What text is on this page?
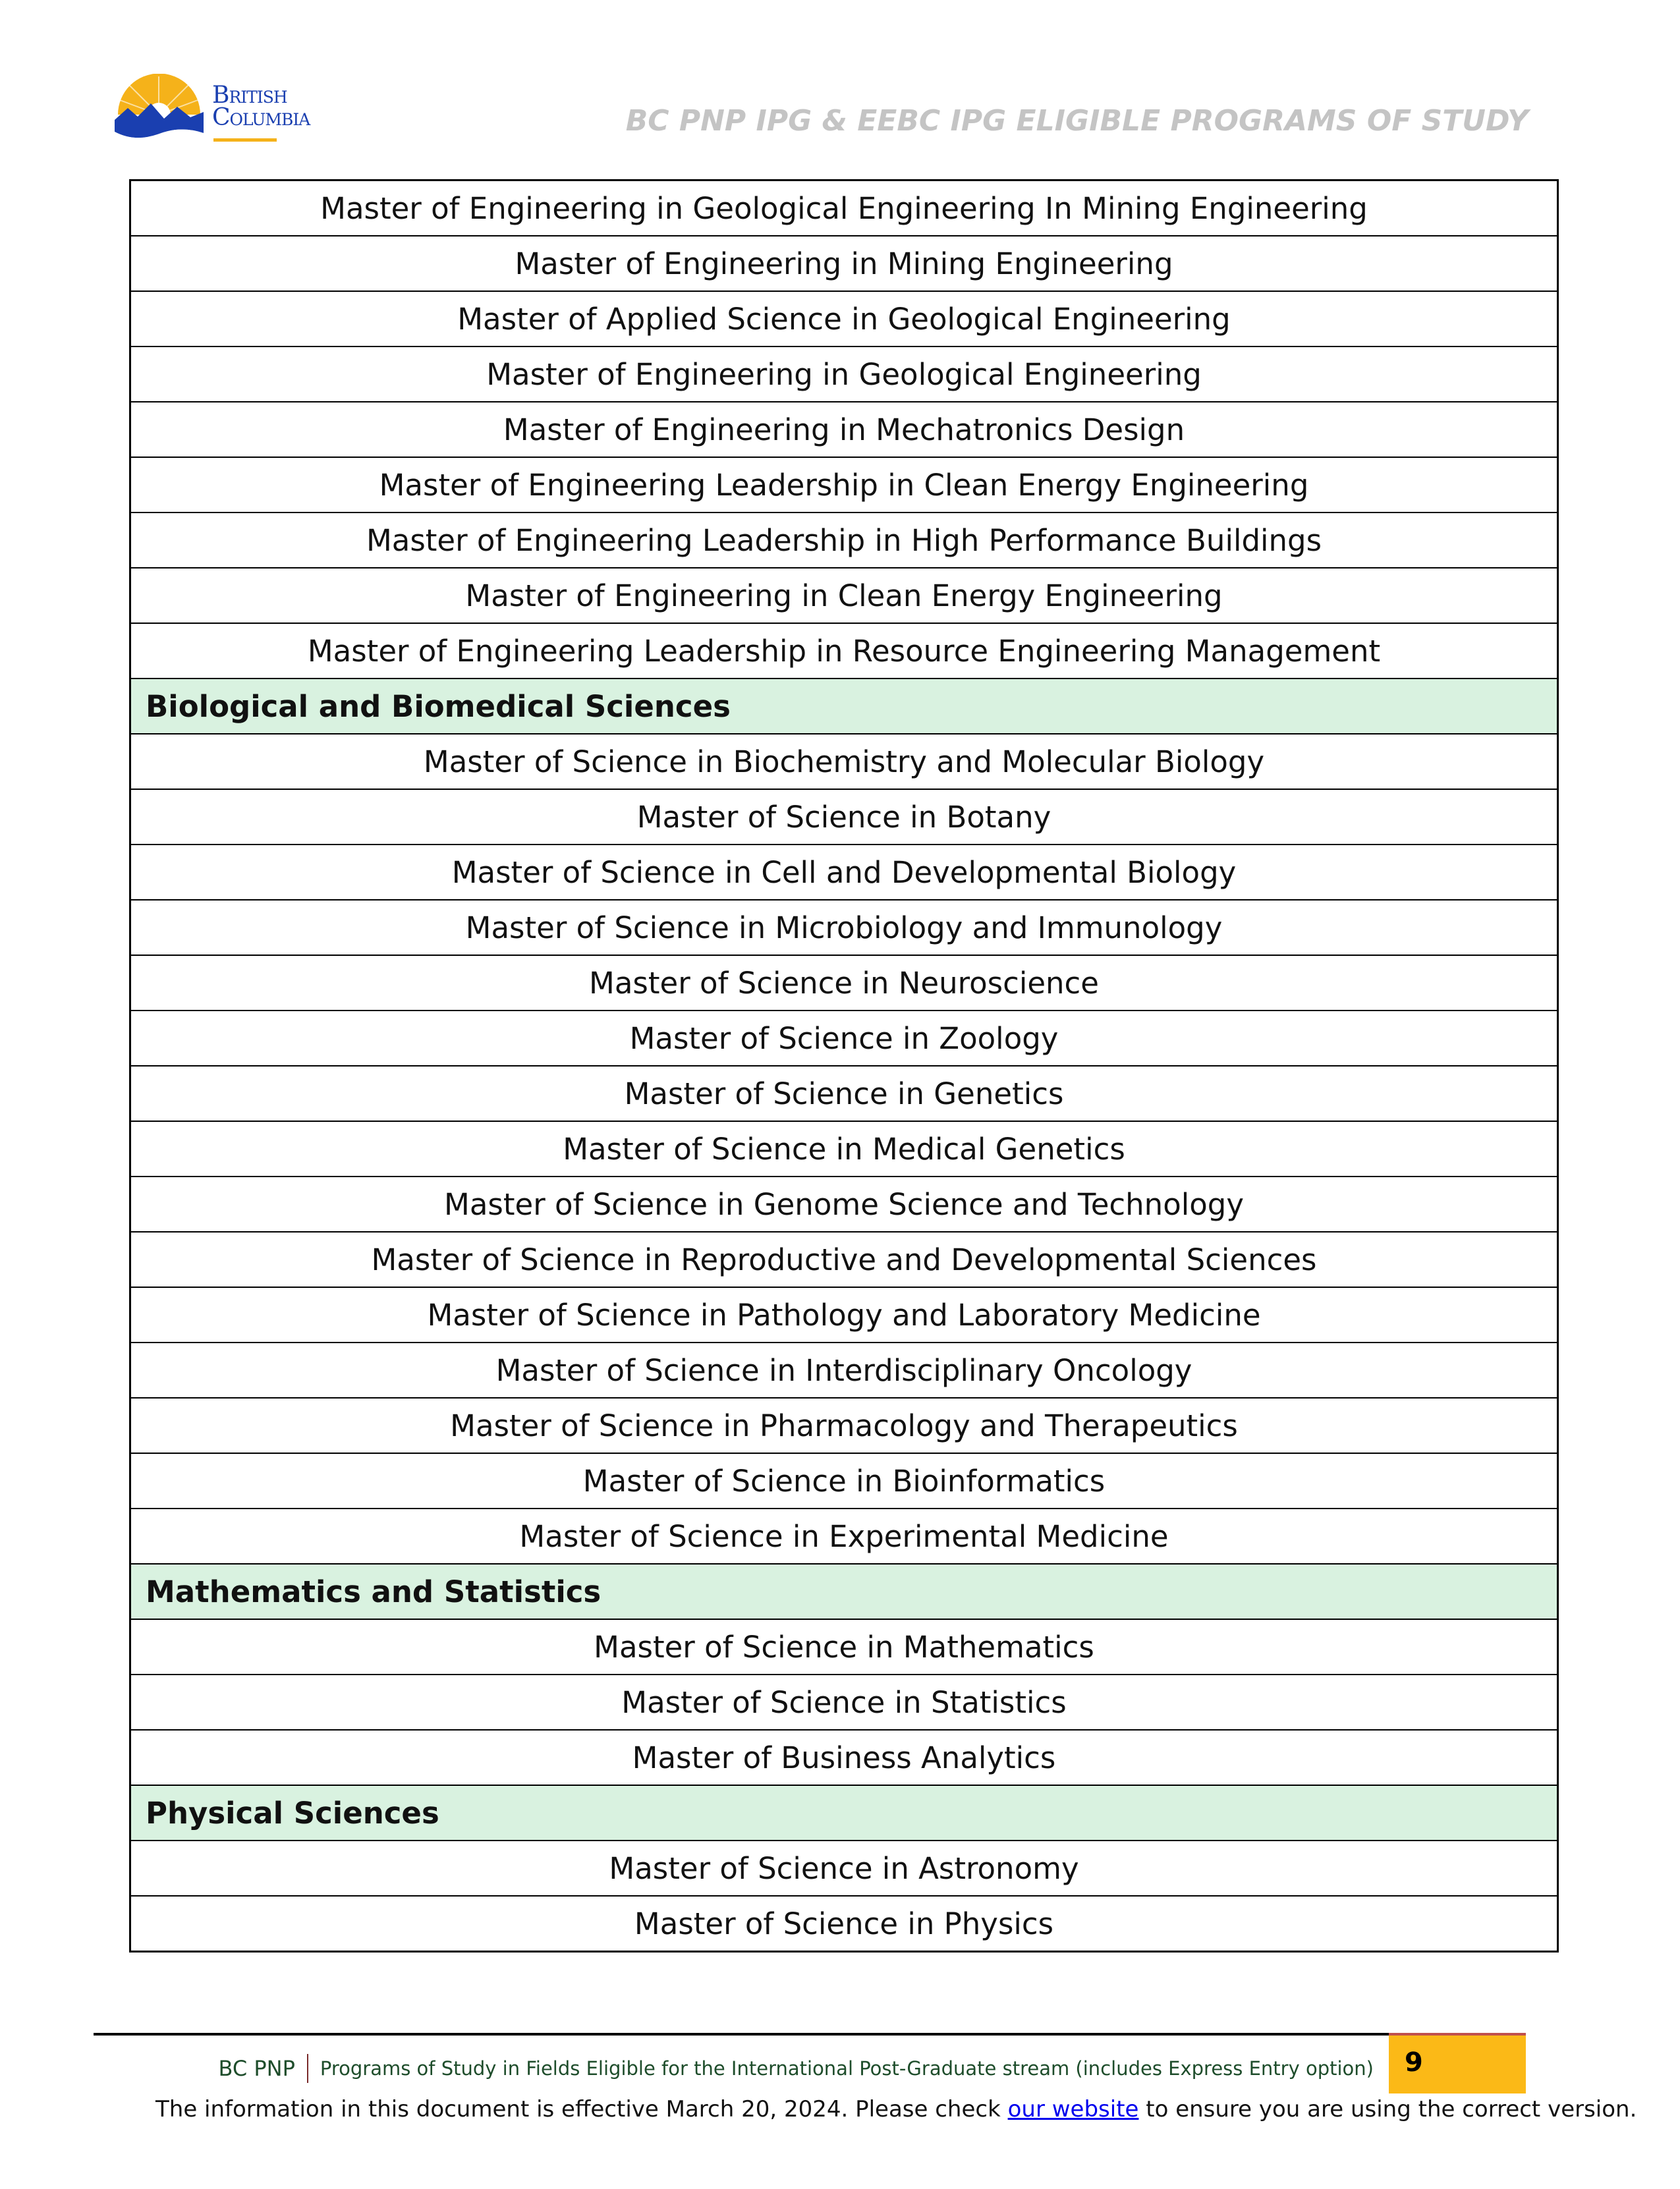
British
Columbia	BC PNP IPG & EEBC IPG ELIGIBLE PROGRAMS OF STUDY
Master of Engineering in Geological Engineering In Mining Engineering
Master of Engineering in Mining Engineering
Master of Applied Science in Geological Engineering
Master of Engineering in Geological Engineering
Master of Engineering in Mechatronics Design
Master of Engineering Leadership in Clean Energy Engineering
Master of Engineering Leadership in High Performance Buildings
Master of Engineering in Clean Energy Engineering
Master of Engineering Leadership in Resource Engineering Management
Biological and Biomedical Sciences
Master of Science in Biochemistry and Molecular Biology
Master of Science in Botany
Master of Science in Cell and Developmental Biology
Master of Science in Microbiology and Immunology
Master of Science in Neuroscience
Master of Science in Zoology
Master of Science in Genetics
Master of Science in Medical Genetics
Master of Science in Genome Science and Technology
Master of Science in Reproductive and Developmental Sciences
Master of Science in Pathology and Laboratory Medicine
Master of Science in Interdisciplinary Oncology
Master of Science in Pharmacology and Therapeutics
Master of Science in Bioinformatics
Master of Science in Experimental Medicine
Mathematics and Statistics
Master of Science in Mathematics
Master of Science in Statistics
Master of Business Analytics
Physical Sciences
Master of Science in Astronomy
Master of Science in Physics
9
BC PNP Programs of Study in Fields Eligible for the International Post-Graduate stream (includes Express Entry option)
The information in this document is effective March 20, 2024. Please check our website to ensure you are using the correct version.
